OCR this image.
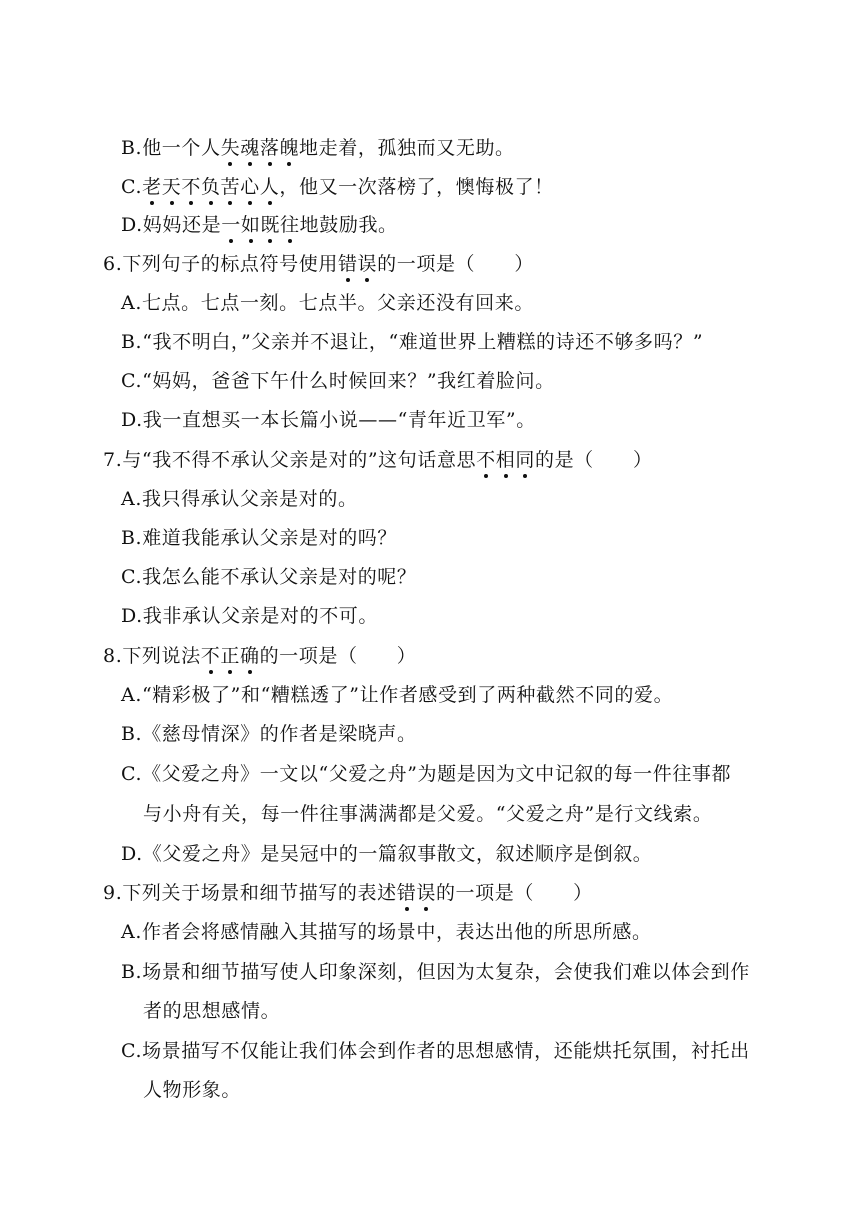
B.他一个人失魂落魄地走着，孤独而又无助。
C.老天不负苦心人，他又一次落榜了，懊悔极了！
D.妈妈还是一如既往地鼓励我。
6.下列句子的标点符号使用错误的一项是（　　）
A.七点。七点一刻。七点半。父亲还没有回来。
B.“我不明白，”父亲并不退让，“难道世界上糟糕的诗还不够多吗？”
C.“妈妈，爸爸下午什么时候回来？”我红着脸问。
D.我一直想买一本长篇小说——“青年近卫军”。
7.与“我不得不承认父亲是对的”这句话意思不相同的是（　　）
A.我只得承认父亲是对的。
B.难道我能承认父亲是对的吗？
C.我怎么能不承认父亲是对的呢？
D.我非承认父亲是对的不可。
8.下列说法不正确的一项是（　　）
A.“精彩极了”和“糟糕透了”让作者感受到了两种截然不同的爱。
B.《慈母情深》的作者是梁晓声。
C.《父爱之舟》一文以“父爱之舟”为题是因为文中记叙的每一件往事都
与小舟有关，每一件往事满满都是父爱。“父爱之舟”是行文线索。
D.《父爱之舟》是吴冠中的一篇叙事散文，叙述顺序是倒叙。
9.下列关于场景和细节描写的表述错误的一项是（　　）
A.作者会将感情融入其描写的场景中，表达出他的所思所感。
B.场景和细节描写使人印象深刻，但因为太复杂，会使我们难以体会到作
者的思想感情。
C.场景描写不仅能让我们体会到作者的思想感情，还能烘托氛围，衬托出
人物形象。
